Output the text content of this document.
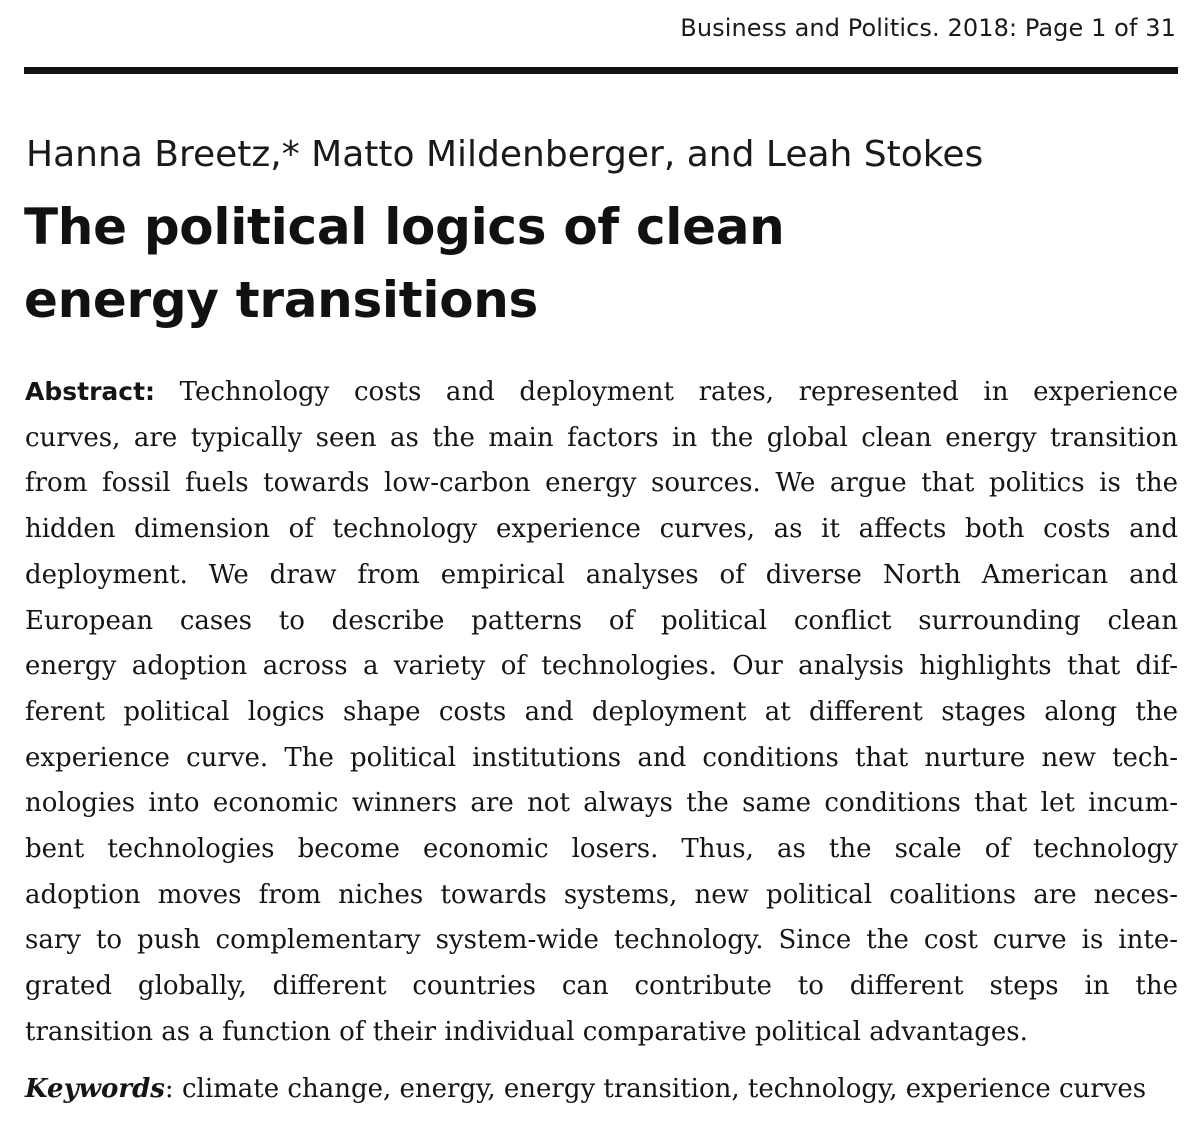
Business and Politics. 2018: Page 1 of 31
Hanna Breetz,* Matto Mildenberger, and Leah Stokes
The political logics of clean
energy transitions
Abstract: Technology costs and deployment rates, represented in experience
curves, are typically seen as the main factors in the global clean energy transition
from fossil fuels towards low-carbon energy sources. We argue that politics is the
hidden dimension of technology experience curves, as it affects both costs and
deployment. We draw from empirical analyses of diverse North American and
European cases to describe patterns of political conflict surrounding clean
energy adoption across a variety of technologies. Our analysis highlights that dif-
ferent political logics shape costs and deployment at different stages along the
experience curve. The political institutions and conditions that nurture new tech-
nologies into economic winners are not always the same conditions that let incum-
bent technologies become economic losers. Thus, as the scale of technology
adoption moves from niches towards systems, new political coalitions are neces-
sary to push complementary system-wide technology. Since the cost curve is inte-
grated globally, different countries can contribute to different steps in the
transition as a function of their individual comparative political advantages.
Keywords: climate change, energy, energy transition, technology, experience curves
